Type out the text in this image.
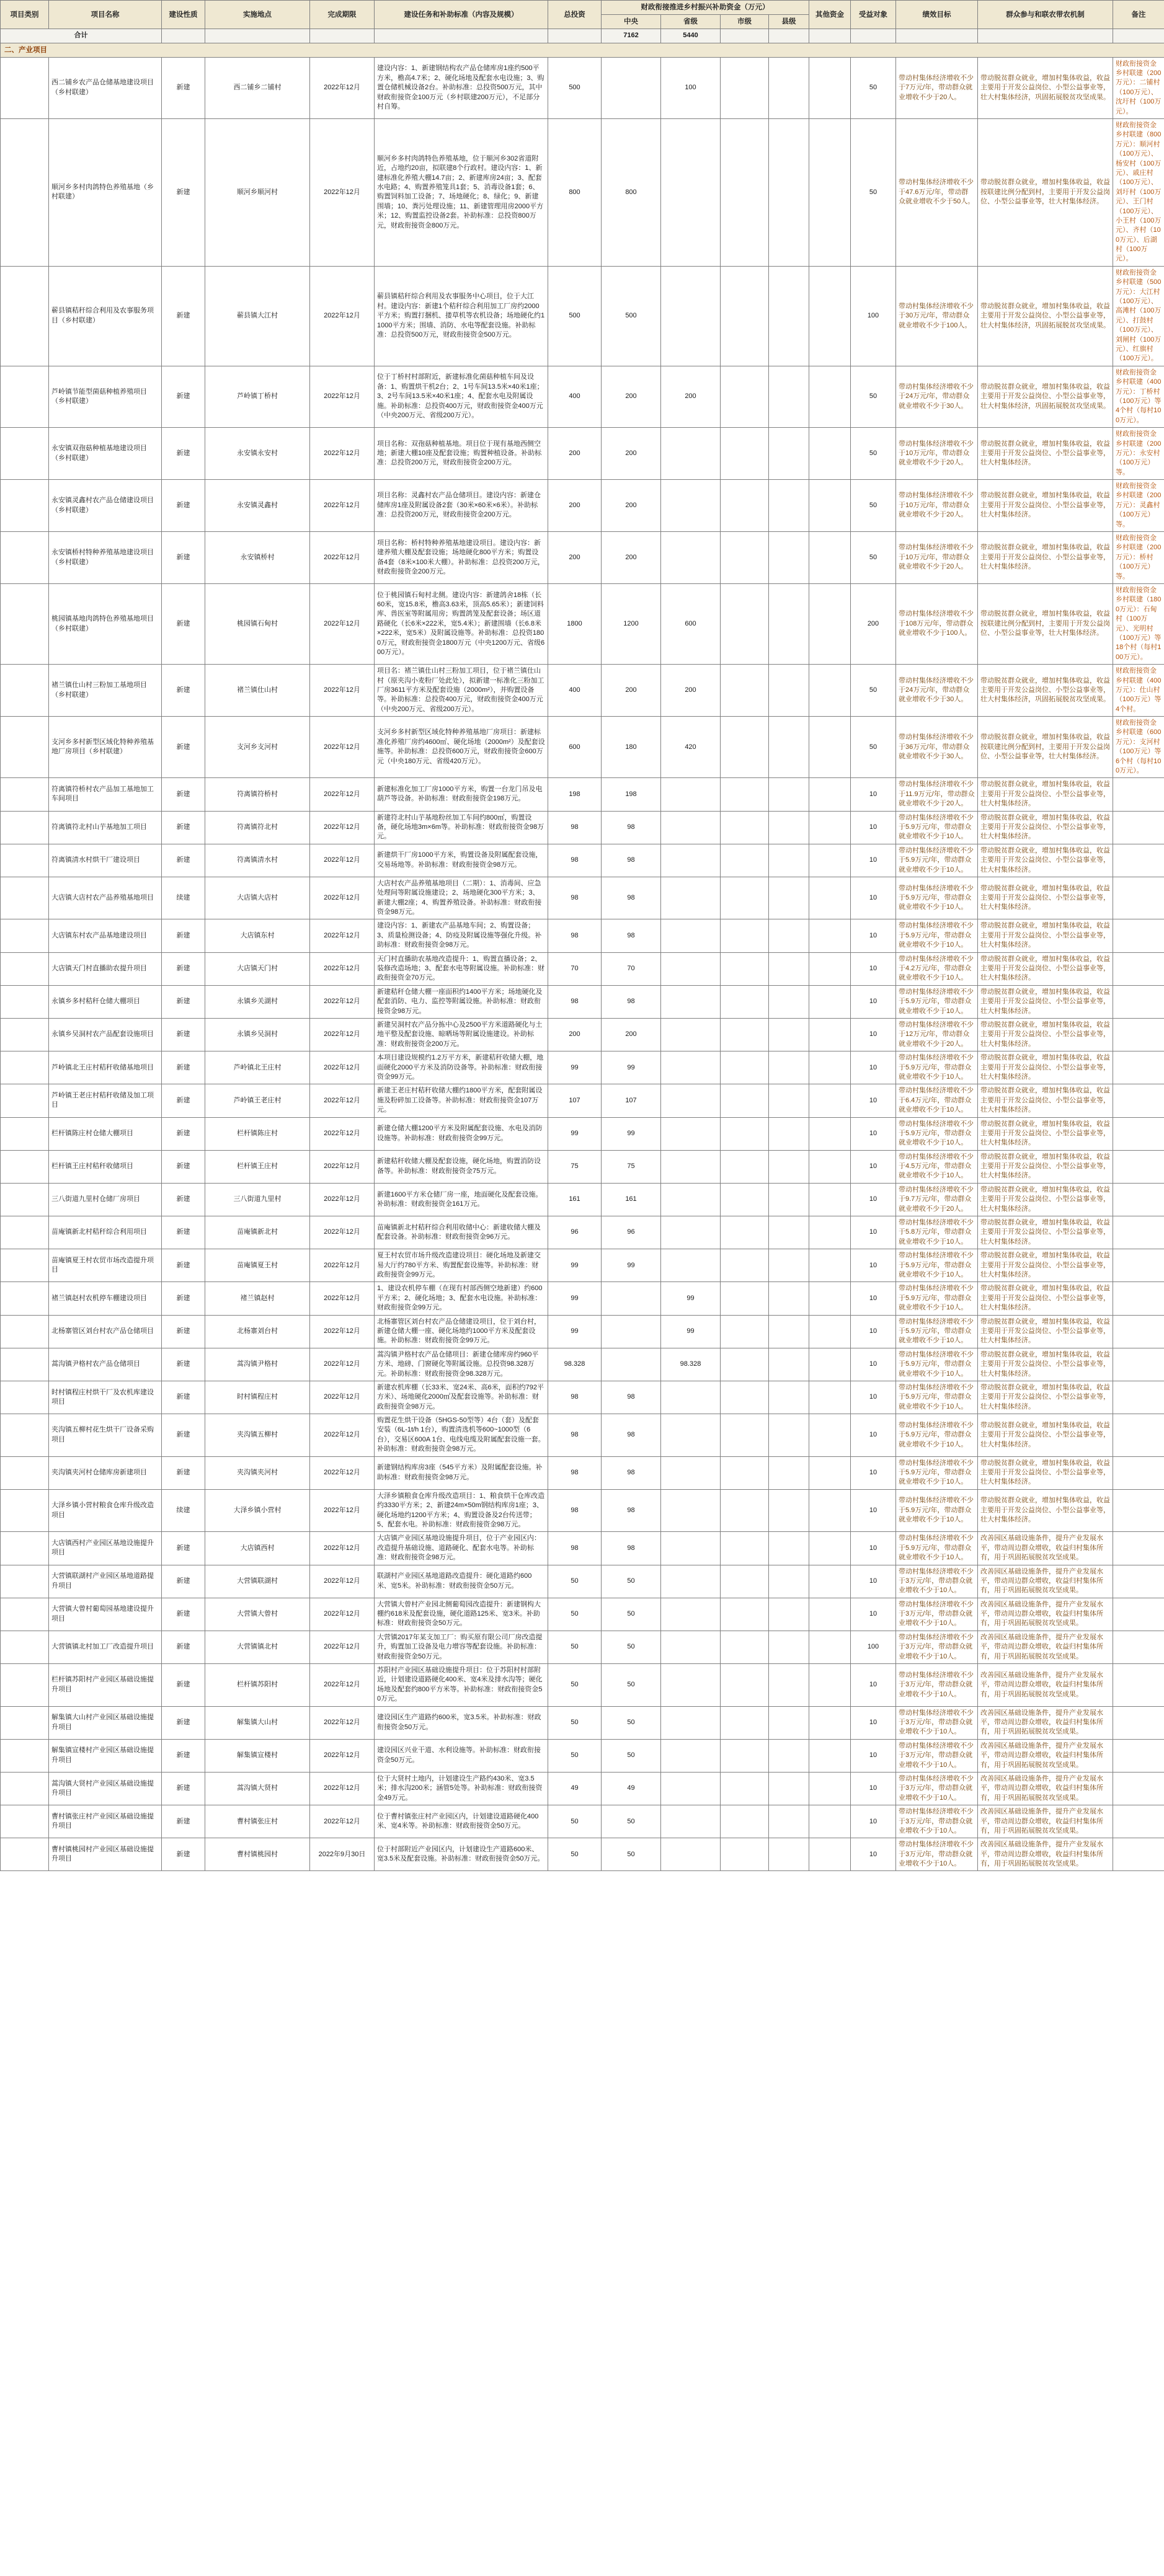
项目类别	项目名称	建设性质	实施地点	完成期限	建设任务和补助标准（内容及规模）	总投资	财政衔接推进乡村振兴补助资金（万元）				其他资金	受益对象	绩效目标	群众参与和联农带农机制	备注
							中央	省级	市级	县级					
合计							7162	5440							
二、产业项目															
	西二铺乡农产品仓储基地建设项目（乡村联建）	新建	西二铺乡二铺村	2022年12月	建设内容：1、新建钢结构农产品仓储库房1座约500平方米，檐高4.7米；2、硬化场地及配套水电设施；3、购置仓储机械设备2台。补助标准：总投资500万元，其中财政衔接资金100万元（乡村联建200万元），不足部分村自筹。	500		100				50	带动村集体经济增收不少于7万元/年，带动群众就业增收不少于20人。	带动脱贫群众就业，增加村集体收益，收益主要用于开发公益岗位、小型公益事业等，壮大村集体经济，巩固拓展脱贫攻坚成果。	财政衔接资金乡村联建（200万元）：二铺村（100万元）、沈圩村（100万元）。
	顺河乡多村肉鸽特色养殖基地（乡村联建）	新建	顺河乡顺河村	2022年12月	顺河乡多村肉鸽特色养殖基地，位于顺河乡302省道附近，占地约20亩，拟联建8个行政村。建设内容：1、新建标准化养殖大棚14.7亩；2、新建库房24亩；3、配套水电路；4、购置养殖笼具1套；5、消毒设备1套；6、购置饲料加工设备；7、场地硬化；8、绿化；9、新建围墙；10、粪污处理设施；11、新建管理用房2000平方米；12、购置监控设备2套。补助标准：总投资800万元，财政衔接资金800万元。	800	800					50	带动村集体经济增收不少于47.6万元/年，带动群众就业增收不少于50人。	带动脱贫群众就业，增加村集体收益，收益按联建比例分配到村，主要用于开发公益岗位、小型公益事业等，壮大村集体经济。	财政衔接资金乡村联建（800万元）：顺河村（100万元）、杨安村（100万元）、戚庄村（100万元）、刘圩村（100万元）、王门村（100万元）、小王村（100万元）、齐村（100万元）、后湖村（100万元）。
	蕲县镇秸秆综合利用及农事服务项目（乡村联建）	新建	蕲县镇大江村	2022年12月	蕲县镇秸秆综合利用及农事服务中心项目，位于大江村。建设内容：新建1个秸秆综合利用加工厂房约2000平方米；购置打捆机、搂草机等农机设备；场地硬化约11000平方米；围墙、消防、水电等配套设施。补助标准：总投资500万元，财政衔接资金500万元。	500	500					100	带动村集体经济增收不少于30万元/年，带动群众就业增收不少于100人。	带动脱贫群众就业，增加村集体收益，收益主要用于开发公益岗位、小型公益事业等，壮大村集体经济，巩固拓展脱贫攻坚成果。	财政衔接资金乡村联建（500万元）：大江村（100万元）、高滩村（100万元）、打鼓村（100万元）、刘闸村（100万元）、红旗村（100万元）。
	芦岭镇节能型菌菇种植养殖项目（乡村联建）	新建	芦岭镇丁桥村	2022年12月	位于丁桥村村部附近，新建标准化菌菇种植车间及设备：1、购置烘干机2台；2、1号车间13.5米×40米1座；3、2号车间13.5米×40米1座；4、配套水电及附属设施。补助标准：总投资400万元，财政衔接资金400万元（中央200万元、省级200万元）。	400	200	200				50	带动村集体经济增收不少于24万元/年，带动群众就业增收不少于30人。	带动脱贫群众就业，增加村集体收益，收益主要用于开发公益岗位、小型公益事业等，壮大村集体经济，巩固拓展脱贫攻坚成果。	财政衔接资金乡村联建（400万元）：丁桥村（100万元）等4个村（每村100万元）。
	永安镇双孢菇种植基地建设项目（乡村联建）	新建	永安镇永安村	2022年12月	项目名称：双孢菇种植基地。项目位于现有基地西侧空地；新建大棚10座及配套设施；购置种植设备。补助标准：总投资200万元，财政衔接资金200万元。	200	200					50	带动村集体经济增收不少于10万元/年，带动群众就业增收不少于20人。	带动脱贫群众就业，增加村集体收益，收益主要用于开发公益岗位、小型公益事业等，壮大村集体经济。	财政衔接资金乡村联建（200万元）：永安村（100万元）等。
	永安镇灵鑫村农产品仓储建设项目（乡村联建）	新建	永安镇灵鑫村	2022年12月	项目名称：灵鑫村农产品仓储项目。建设内容：新建仓储库房1座及附属设备2套（30米×60米×6米）。补助标准：总投资200万元，财政衔接资金200万元。	200	200					50	带动村集体经济增收不少于10万元/年，带动群众就业增收不少于20人。	带动脱贫群众就业，增加村集体收益，收益主要用于开发公益岗位、小型公益事业等，壮大村集体经济。	财政衔接资金乡村联建（200万元）：灵鑫村（100万元）等。
	永安镇桥村特种养殖基地建设项目（乡村联建）	新建	永安镇桥村	2022年12月	项目名称：桥村特种养殖基地建设项目。建设内容：新建养殖大棚及配套设施；场地硬化800平方米；购置设备4套（8米×100米大棚）。补助标准：总投资200万元，财政衔接资金200万元。	200	200					50	带动村集体经济增收不少于10万元/年，带动群众就业增收不少于20人。	带动脱贫群众就业，增加村集体收益，收益主要用于开发公益岗位、小型公益事业等，壮大村集体经济。	财政衔接资金乡村联建（200万元）：桥村（100万元）等。
	桃园镇基地肉鸽特色养殖基地项目（乡村联建）	新建	桃园镇石甸村	2022年12月	位于桃园镇石甸村北侧。建设内容：新建鸽舍18栋（长60米，宽15.8米，檐高3.63米，顶高5.65米）；新建饲料库、兽医室等附属用房；购置鸽笼及配套设备；场区道路硬化（长6米×222米，宽5.4米）；新建围墙（长6.8米×222米，宽5米）及附属设施等。补助标准：总投资1800万元，财政衔接资金1800万元（中央1200万元、省级600万元）。	1800	1200	600				200	带动村集体经济增收不少于108万元/年，带动群众就业增收不少于100人。	带动脱贫群众就业，增加村集体收益，收益按联建比例分配到村，主要用于开发公益岗位、小型公益事业等，壮大村集体经济。	财政衔接资金乡村联建（1800万元）：石甸村（100万元）、光明村（100万元）等18个村（每村100万元）。
	褚兰镇仕山村三粉加工基地项目（乡村联建）	新建	褚兰镇仕山村	2022年12月	项目名：褚兰镇仕山村三粉加工项目，位于褚兰镇仕山村（原夹沟小麦粉厂处此处），拟新建一标准化三粉加工厂房3611平方米及配套设施（2000m²），并购置设备等。补助标准：总投资400万元，财政衔接资金400万元（中央200万元、省级200万元）。	400	200	200				50	带动村集体经济增收不少于24万元/年，带动群众就业增收不少于30人。	带动脱贫群众就业，增加村集体收益，收益主要用于开发公益岗位、小型公益事业等，壮大村集体经济，巩固拓展脱贫攻坚成果。	财政衔接资金乡村联建（400万元）：仕山村（100万元）等4个村。
	支河乡多村新型区域化特种养殖基地厂房项目（乡村联建）	新建	支河乡支河村	2022年12月	支河乡多村新型区域化特种养殖基地厂房项目：新建标准化养殖厂房约4600㎡、硬化场地（2000m²）及配套设施等。补助标准：总投资600万元，财政衔接资金600万元（中央180万元、省级420万元）。	600	180	420				50	带动村集体经济增收不少于36万元/年，带动群众就业增收不少于30人。	带动脱贫群众就业，增加村集体收益，收益按联建比例分配到村，主要用于开发公益岗位、小型公益事业等，壮大村集体经济。	财政衔接资金乡村联建（600万元）：支河村（100万元）等6个村（每村100万元）。
	符离镇符桥村农产品加工基地加工车间项目	新建	符离镇符桥村	2022年12月	新建标准化加工厂房1000平方米，购置一台龙门吊及电葫芦等设备。补助标准：财政衔接资金198万元。	198	198					10	带动村集体经济增收不少于11.9万元/年，带动群众就业增收不少于20人。	带动脱贫群众就业，增加村集体收益，收益主要用于开发公益岗位、小型公益事业等，壮大村集体经济。	
	符离镇符北村山芋基地加工项目	新建	符离镇符北村	2022年12月	新建符北村山芋基地粉丝加工车间约800㎡，购置设备，硬化场地3m×6m等。补助标准：财政衔接资金98万元。	98	98					10	带动村集体经济增收不少于5.9万元/年，带动群众就业增收不少于10人。	带动脱贫群众就业，增加村集体收益，收益主要用于开发公益岗位、小型公益事业等，壮大村集体经济。	
	符离镇清水村烘干厂建设项目	新建	符离镇清水村	2022年12月	新建烘干厂房1000平方米，购置设备及附属配套设施，交易场地等。补助标准：财政衔接资金98万元。	98	98					10	带动村集体经济增收不少于5.9万元/年，带动群众就业增收不少于10人。	带动脱贫群众就业，增加村集体收益，收益主要用于开发公益岗位、小型公益事业等，壮大村集体经济。	
	大店镇大店村农产品养殖基地项目	续建	大店镇大店村	2022年12月	大店村农产品养殖基地项目（二期）：1、消毒间、应急处理间等附属设施建设；2、场地硬化300平方米；3、新建大棚2座；4、购置养殖设备。补助标准：财政衔接资金98万元。	98	98					10	带动村集体经济增收不少于5.9万元/年，带动群众就业增收不少于10人。	带动脱贫群众就业，增加村集体收益，收益主要用于开发公益岗位、小型公益事业等，壮大村集体经济。	
	大店镇东村农产品基地建设项目	新建	大店镇东村	2022年12月	建设内容：1、新建农产品基地车间；2、购置设备；3、质量检测设备；4、防疫及附属设施等强化升级。补助标准：财政衔接资金98万元。	98	98					10	带动村集体经济增收不少于5.9万元/年，带动群众就业增收不少于10人。	带动脱贫群众就业，增加村集体收益，收益主要用于开发公益岗位、小型公益事业等，壮大村集体经济。	
	大店镇天门村直播助农提升项目	新建	大店镇天门村	2022年12月	天门村直播助农基地改造提升：1、购置直播设备；2、装修改造场地；3、配套水电等附属设施。补助标准：财政衔接资金70万元。	70	70					10	带动村集体经济增收不少于4.2万元/年，带动群众就业增收不少于10人。	带动脱贫群众就业，增加村集体收益，收益主要用于开发公益岗位、小型公益事业等，壮大村集体经济。	
	永镇乡多村秸秆仓储大棚项目	新建	永镇乡关湖村	2022年12月	新建秸秆仓储大棚一座面积约1400平方米；场地硬化及配套消防、电力、监控等附属设施。补助标准：财政衔接资金98万元。	98	98					10	带动村集体经济增收不少于5.9万元/年，带动群众就业增收不少于10人。	带动脱贫群众就业，增加村集体收益，收益主要用于开发公益岗位、小型公益事业等，壮大村集体经济。	
	永镇乡吴洞村农产品配套设施项目	新建	永镇乡吴洞村	2022年12月	新建吴洞村农产品分拣中心及2500平方米道路硬化与土地平整及配套设施、晾晒场等附属设施建设。补助标准：财政衔接资金200万元。	200	200					10	带动村集体经济增收不少于12万元/年，带动群众就业增收不少于20人。	带动脱贫群众就业，增加村集体收益，收益主要用于开发公益岗位、小型公益事业等，壮大村集体经济。	
	芦岭镇北王庄村秸秆收储基地项目	新建	芦岭镇北王庄村	2022年12月	本项目建设规模约1.2万平方米，新建秸秆收储大棚，地面硬化2000平方米及消防设备等。补助标准：财政衔接资金99万元。	99	99					10	带动村集体经济增收不少于5.9万元/年，带动群众就业增收不少于10人。	带动脱贫群众就业，增加村集体收益，收益主要用于开发公益岗位、小型公益事业等，壮大村集体经济。	
	芦岭镇王老庄村秸秆收储及加工项目	新建	芦岭镇王老庄村	2022年12月	新建王老庄村秸秆收储大棚约1800平方米，配套附属设施及粉碎加工设备等。补助标准：财政衔接资金107万元。	107	107					10	带动村集体经济增收不少于6.4万元/年，带动群众就业增收不少于10人。	带动脱贫群众就业，增加村集体收益，收益主要用于开发公益岗位、小型公益事业等，壮大村集体经济。	
	栏杆镇陈庄村仓储大棚项目	新建	栏杆镇陈庄村	2022年12月	新建仓储大棚1200平方米及附属配套设施、水电及消防设施等。补助标准：财政衔接资金99万元。	99	99					10	带动村集体经济增收不少于5.9万元/年，带动群众就业增收不少于10人。	带动脱贫群众就业，增加村集体收益，收益主要用于开发公益岗位、小型公益事业等，壮大村集体经济。	
	栏杆镇王庄村秸秆收储项目	新建	栏杆镇王庄村	2022年12月	新建秸秆收储大棚及配套设施，硬化场地，购置消防设备等。补助标准：财政衔接资金75万元。	75	75					10	带动村集体经济增收不少于4.5万元/年，带动群众就业增收不少于10人。	带动脱贫群众就业，增加村集体收益，收益主要用于开发公益岗位、小型公益事业等，壮大村集体经济。	
	三八街道九里村仓储厂房项目	新建	三八街道九里村	2022年12月	新建1600平方米仓储厂房一座，地面硬化及配套设施。补助标准：财政衔接资金161万元。	161	161					10	带动村集体经济增收不少于9.7万元/年，带动群众就业增收不少于20人。	带动脱贫群众就业，增加村集体收益，收益主要用于开发公益岗位、小型公益事业等，壮大村集体经济。	
	苗庵镇新北村秸秆综合利用项目	新建	苗庵镇新北村	2022年12月	苗庵镇新北村秸秆综合利用收储中心：新建收储大棚及配套设备。补助标准：财政衔接资金96万元。	96	96					10	带动村集体经济增收不少于5.8万元/年，带动群众就业增收不少于10人。	带动脱贫群众就业，增加村集体收益，收益主要用于开发公益岗位、小型公益事业等，壮大村集体经济。	
	苗庵镇夏王村农贸市场改造提升项目	新建	苗庵镇夏王村	2022年12月	夏王村农贸市场升级改造建设项目：硬化场地及新建交易大厅约780平方米、购置配套设施等。补助标准：财政衔接资金99万元。	99	99					10	带动村集体经济增收不少于5.9万元/年，带动群众就业增收不少于10人。	带动脱贫群众就业，增加村集体收益，收益主要用于开发公益岗位、小型公益事业等，壮大村集体经济。	
	褚兰镇赵村农机停车棚建设项目	新建	褚兰镇赵村	2022年12月	1、建设农机停车棚（在现有村部西侧空地新建）约600平方米；2、硬化场地；3、配套水电设施。补助标准：财政衔接资金99万元。	99		99				10	带动村集体经济增收不少于5.9万元/年，带动群众就业增收不少于10人。	带动脱贫群众就业，增加村集体收益，收益主要用于开发公益岗位、小型公益事业等，壮大村集体经济。	
	北杨寨管区刘台村农产品仓储项目	新建	北杨寨刘台村	2022年12月	北杨寨管区刘台村农产品仓储建设项目，位于刘台村，新建仓储大棚一座、硬化场地约1000平方米及配套设施。补助标准：财政衔接资金99万元。	99		99				10	带动村集体经济增收不少于5.9万元/年，带动群众就业增收不少于10人。	带动脱贫群众就业，增加村集体收益，收益主要用于开发公益岗位、小型公益事业等，壮大村集体经济。	
	蒿沟镇尹格村农产品仓储项目	新建	蒿沟镇尹格村	2022年12月	蒿沟镇尹格村农产品仓储项目：新建仓储库房约960平方米、地磅、门窗硬化等附属设施。总投资98.328万元。补助标准：财政衔接资金98.328万元。	98.328		98.328				10	带动村集体经济增收不少于5.9万元/年，带动群众就业增收不少于10人。	带动脱贫群众就业，增加村集体收益，收益主要用于开发公益岗位、小型公益事业等，壮大村集体经济。	
	时村镇程庄村烘干厂及农机库建设项目	新建	时村镇程庄村	2022年12月	新建农机库棚（长33米、宽24米、高6米，面积约792平方米）、场地硬化2000㎡及配套设施等。补助标准：财政衔接资金98万元。	98	98					10	带动村集体经济增收不少于5.9万元/年，带动群众就业增收不少于10人。	带动脱贫群众就业，增加村集体收益，收益主要用于开发公益岗位、小型公益事业等，壮大村集体经济。	
	夹沟镇五柳村花生烘干厂设备采购项目	新建	夹沟镇五柳村	2022年12月	购置花生烘干设备（5HGS-50型等）4台（套）及配套安装（6L-1t/h 1台），购置清选机等600~1000型（6台），交易区600A 1台、电线电缆及附属配套设施一套。补助标准：财政衔接资金98万元。	98	98					10	带动村集体经济增收不少于5.9万元/年，带动群众就业增收不少于10人。	带动脱贫群众就业，增加村集体收益，收益主要用于开发公益岗位、小型公益事业等，壮大村集体经济。	
	夹沟镇夹河村仓储库房新建项目	新建	夹沟镇夹河村	2022年12月	新建钢结构库房3座（545平方米）及附属配套设施。补助标准：财政衔接资金98万元。	98	98					10	带动村集体经济增收不少于5.9万元/年，带动群众就业增收不少于10人。	带动脱贫群众就业，增加村集体收益，收益主要用于开发公益岗位、小型公益事业等，壮大村集体经济。	
	大泽乡镇小营村粮食仓库升级改造项目	续建	大泽乡镇小营村	2022年12月	大泽乡镇粮食仓库升级改造项目：1、粮食烘干仓库改造约3330平方米；2、新建24m×50m钢结构库房1座；3、硬化场地约1200平方米；4、购置设备及2台传送带；5、配套水电。补助标准：财政衔接资金98万元。	98	98					10	带动村集体经济增收不少于5.9万元/年，带动群众就业增收不少于10人。	带动脱贫群众就业，增加村集体收益，收益主要用于开发公益岗位、小型公益事业等，壮大村集体经济。	
	大店镇西村产业园区基地设施提升项目	新建	大店镇西村	2022年12月	大店镇产业园区基地设施提升项目，位于产业园区内：改造提升基础设施、道路硬化、配套水电等。补助标准：财政衔接资金98万元。	98	98					10	带动村集体经济增收不少于5.9万元/年，带动群众就业增收不少于10人。	改善园区基础设施条件，提升产业发展水平，带动周边群众增收，收益归村集体所有，用于巩固拓展脱贫攻坚成果。	
	大营镇联湖村产业园区基地道路提升项目	新建	大营镇联湖村	2022年12月	联湖村产业园区基地道路改造提升：硬化道路约600米、宽5米。补助标准：财政衔接资金50万元。	50	50					10	带动村集体经济增收不少于3万元/年，带动群众就业增收不少于10人。	改善园区基础设施条件，提升产业发展水平，带动周边群众增收，收益归村集体所有，用于巩固拓展脱贫攻坚成果。	
	大营镇大曾村葡萄园基地建设提升项目	新建	大营镇大曾村	2022年12月	大营镇大曾村产业园北侧葡萄园改造提升：新建钢构大棚约618米及配套设施，硬化道路125米、宽3米。补助标准：财政衔接资金50万元。	50	50					10	带动村集体经济增收不少于3万元/年，带动群众就业增收不少于10人。	改善园区基础设施条件，提升产业发展水平，带动周边群众增收，收益归村集体所有，用于巩固拓展脱贫攻坚成果。	
	大营镇镇北村加工厂改造提升项目	新建	大营镇镇北村	2022年12月	大营镇2017年某支加工厂：购买原有限公司厂房改造提升，购置加工设备及电力增容等配套设施。补助标准：财政衔接资金50万元。	50	50					100	带动村集体经济增收不少于3万元/年，带动群众就业增收不少于10人。	改善园区基础设施条件，提升产业发展水平，带动周边群众增收，收益归村集体所有，用于巩固拓展脱贫攻坚成果。	
	栏杆镇苏阳村产业园区基础设施提升项目	新建	栏杆镇苏阳村	2022年12月	苏阳村产业园区基础设施提升项目：位于苏阳村村部附近，计划建设道路硬化400米、宽4米及排水沟等；硬化场地及配套约800平方米等。补助标准：财政衔接资金50万元。	50	50					10	带动村集体经济增收不少于3万元/年，带动群众就业增收不少于10人。	改善园区基础设施条件，提升产业发展水平，带动周边群众增收，收益归村集体所有，用于巩固拓展脱贫攻坚成果。	
	解集镇大山村产业园区基础设施提升项目	新建	解集镇大山村	2022年12月	建设园区生产道路约600米，宽3.5米。补助标准：财政衔接资金50万元。	50	50					10	带动村集体经济增收不少于3万元/年，带动群众就业增收不少于10人。	改善园区基础设施条件，提升产业发展水平，带动周边群众增收，收益归村集体所有，用于巩固拓展脱贫攻坚成果。	
	解集镇宣楼村产业园区基础设施提升项目	新建	解集镇宣楼村	2022年12月	建设园区兴业干道、水利设施等。补助标准：财政衔接资金50万元。	50	50					10	带动村集体经济增收不少于3万元/年，带动群众就业增收不少于10人。	改善园区基础设施条件，提升产业发展水平，带动周边群众增收，收益归村集体所有，用于巩固拓展脱贫攻坚成果。	
	蒿沟镇大贤村产业园区基础设施提升项目	新建	蒿沟镇大贤村	2022年12月	位于大贤村土地内，计划建设生产路约430米、宽3.5米；排水沟200米；涵管5处等。补助标准：财政衔接资金49万元。	49	49					10	带动村集体经济增收不少于3万元/年，带动群众就业增收不少于10人。	改善园区基础设施条件，提升产业发展水平，带动周边群众增收，收益归村集体所有，用于巩固拓展脱贫攻坚成果。	
	曹村镇张庄村产业园区基础设施提升项目	新建	曹村镇张庄村	2022年12月	位于曹村镇张庄村产业园区内，计划建设道路硬化400米、宽4米等。补助标准：财政衔接资金50万元。	50	50					10	带动村集体经济增收不少于3万元/年，带动群众就业增收不少于10人。	改善园区基础设施条件，提升产业发展水平，带动周边群众增收，收益归村集体所有，用于巩固拓展脱贫攻坚成果。	
	曹村镇桃园村产业园区基础设施提升项目	新建	曹村镇桃园村	2022年9月30日	位于村部附近产业园区内，计划建设生产道路600米、宽3.5米及配套设施。补助标准：财政衔接资金50万元。	50	50					10	带动村集体经济增收不少于3万元/年，带动群众就业增收不少于10人。	改善园区基础设施条件，提升产业发展水平，带动周边群众增收，收益归村集体所有，用于巩固拓展脱贫攻坚成果。	
